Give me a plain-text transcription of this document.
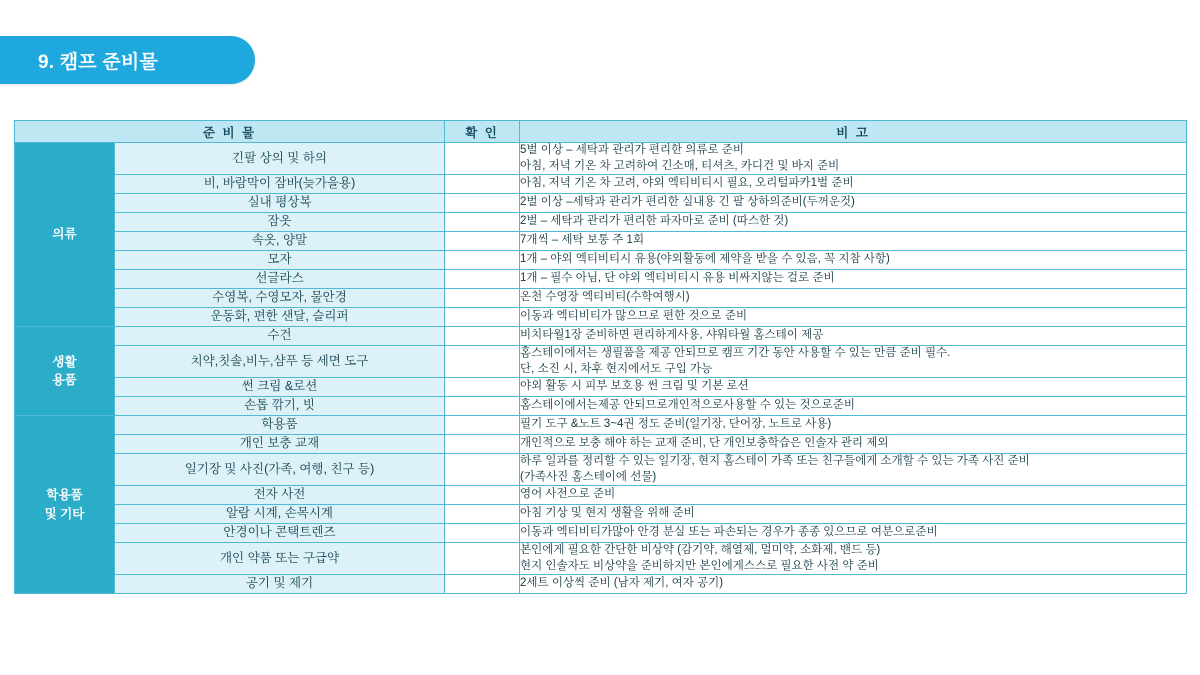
9. 캠프 준비물
준 비 물		확 인	비 고
의류	긴팔 상의 및 하의		5벌 이상 – 세탁과 관리가 편리한 의류로 준비
아침, 저녁 기온 차 고려하여 긴소매, 티셔츠, 카디건 및 바지 준비

	비, 바람막이 잠바(늦가을용)		아침, 저녁 기온 차 고려, 야외 엑티비티시 필요, 오리털파카1벌 준비

	실내 평상복		2벌 이상 –세탁과 관리가 편리한 실내용 긴 팔 상하의준비(두꺼운것)

	잠옷		2벌 – 세탁과 관리가 편리한 파자마로 준비 (따스한 것)

	속옷, 양말		7개씩 – 세탁 보통 주 1회

	모자		1개 – 야외 엑티비티시 유용(야외활동에 제약을 받을 수 있음, 꼭 지참 사항)

	선글라스		1개 – 필수 아님, 단 야외 엑티비티시 유용 비싸지않는 걸로 준비

	수영복, 수영모자, 물안경		온천 수영장 엑티비티(수학여행시)

	운동화, 편한 샌달, 슬리퍼		이동과 엑티비티가 많으므로 편한 것으로 준비

생활
용품	수건		비치타월1장 준비하면 편리하게사용, 샤워타월 홈스테이 제공

	치약,칫솔,비누,샴푸 등 세면 도구		홈스테이에서는 생필품을 제공 안되므로 캠프 기간 동안 사용할 수 있는 만큼 준비 필수.
단, 소진 시, 차후 현지에서도 구입 가능

	썬 크림 &로션		야외 활동 시 피부 보호용 썬 크림 및 기본 로션

	손톱 깎기, 빗		홈스테이에서는제공 안되므로개인적으로사용할 수 있는 것으로준비

학용품
및 기타	학용품		필기 도구 &노트 3~4권 정도 준비(일기장, 단어장, 노트로 사용)

	개인 보충 교재		개인적으로 보충 해야 하는 교재 준비, 단 개인보충학습은 인솔자 관리 제외

	일기장 및 사진(가족, 여행, 친구 등)		하루 일과를 정리할 수 있는 일기장, 현지 홈스테이 가족 또는 친구들에게 소개할 수 있는 가족 사진 준비
(가족사진 홈스테이에 선물)

	전자 사전		영어 사전으로 준비

	알람 시계, 손목시계		아침 기상 및 현지 생활을 위해 준비

	안경이나 콘택트렌즈		이동과 엑티비티가많아 안경 분실 또는 파손되는 경우가 종종 있으므로 여분으로준비

	개인 약품 또는 구급약		본인에게 필요한 간단한 비상약 (감기약, 해열제, 멀미약, 소화제, 밴드 등)
현지 인솔자도 비상약을 준비하지만 본인에게스스로 필요한 사전 약 준비

	공기 및 제기		2세트 이상씩 준비 (남자 제기, 여자 공기)
